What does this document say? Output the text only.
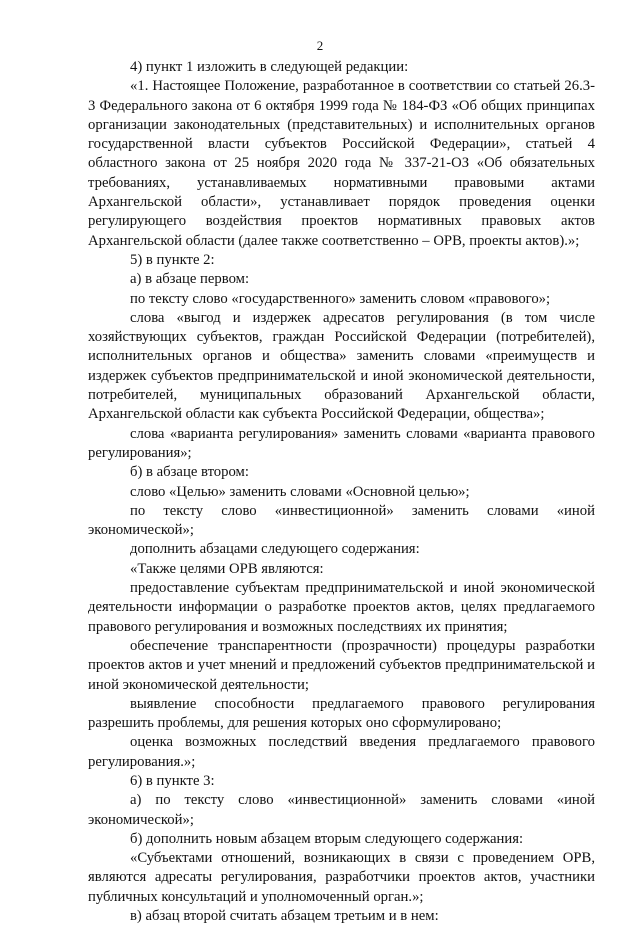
2

4) пункт 1 изложить в следующей редакции:

«1. Настоящее Положение, разработанное в соответствии со статьей 26.3-3 Федерального закона от 6 октября 1999 года № 184-ФЗ «Об общих принципах организации законодательных (представительных) и исполнительных органов государственной власти субъектов Российской Федерации», статьей 4 областного закона от 25 ноября 2020 года № 337-21-ОЗ «Об обязательных требованиях, устанавливаемых нормативными правовыми актами Архангельской области», устанавливает порядок проведения оценки регулирующего воздействия проектов нормативных правовых актов Архангельской области (далее также соответственно – ОРВ, проекты актов).»;

5) в пункте 2:

а) в абзаце первом:

по тексту слово «государственного» заменить словом «правового»;

слова «выгод и издержек адресатов регулирования (в том числе хозяйствующих субъектов, граждан Российской Федерации (потребителей), исполнительных органов и общества» заменить словами «преимуществ и издержек субъектов предпринимательской и иной экономической деятельности, потребителей, муниципальных образований Архангельской области, Архангельской области как субъекта Российской Федерации, общества»;

слова «варианта регулирования» заменить словами «варианта правового регулирования»;

б) в абзаце втором:

слово «Целью» заменить словами «Основной целью»;

по тексту слово «инвестиционной» заменить словами «иной экономической»;

дополнить абзацами следующего содержания:

«Также целями ОРВ являются:

предоставление субъектам предпринимательской и иной экономической деятельности информации о разработке проектов актов, целях предлагаемого правового регулирования и возможных последствиях их принятия;

обеспечение транспарентности (прозрачности) процедуры разработки проектов актов и учет мнений и предложений субъектов предпринимательской и иной экономической деятельности;

выявление способности предлагаемого правового регулирования разрешить проблемы, для решения которых оно сформулировано;

оценка возможных последствий введения предлагаемого правового регулирования.»;

6) в пункте 3:

а) по тексту слово «инвестиционной» заменить словами «иной экономической»;

б) дополнить новым абзацем вторым следующего содержания:

«Субъектами отношений, возникающих в связи с проведением ОРВ, являются адресаты регулирования, разработчики проектов актов, участники публичных консультаций и уполномоченный орган.»;

в) абзац второй считать абзацем третьим и в нем:
